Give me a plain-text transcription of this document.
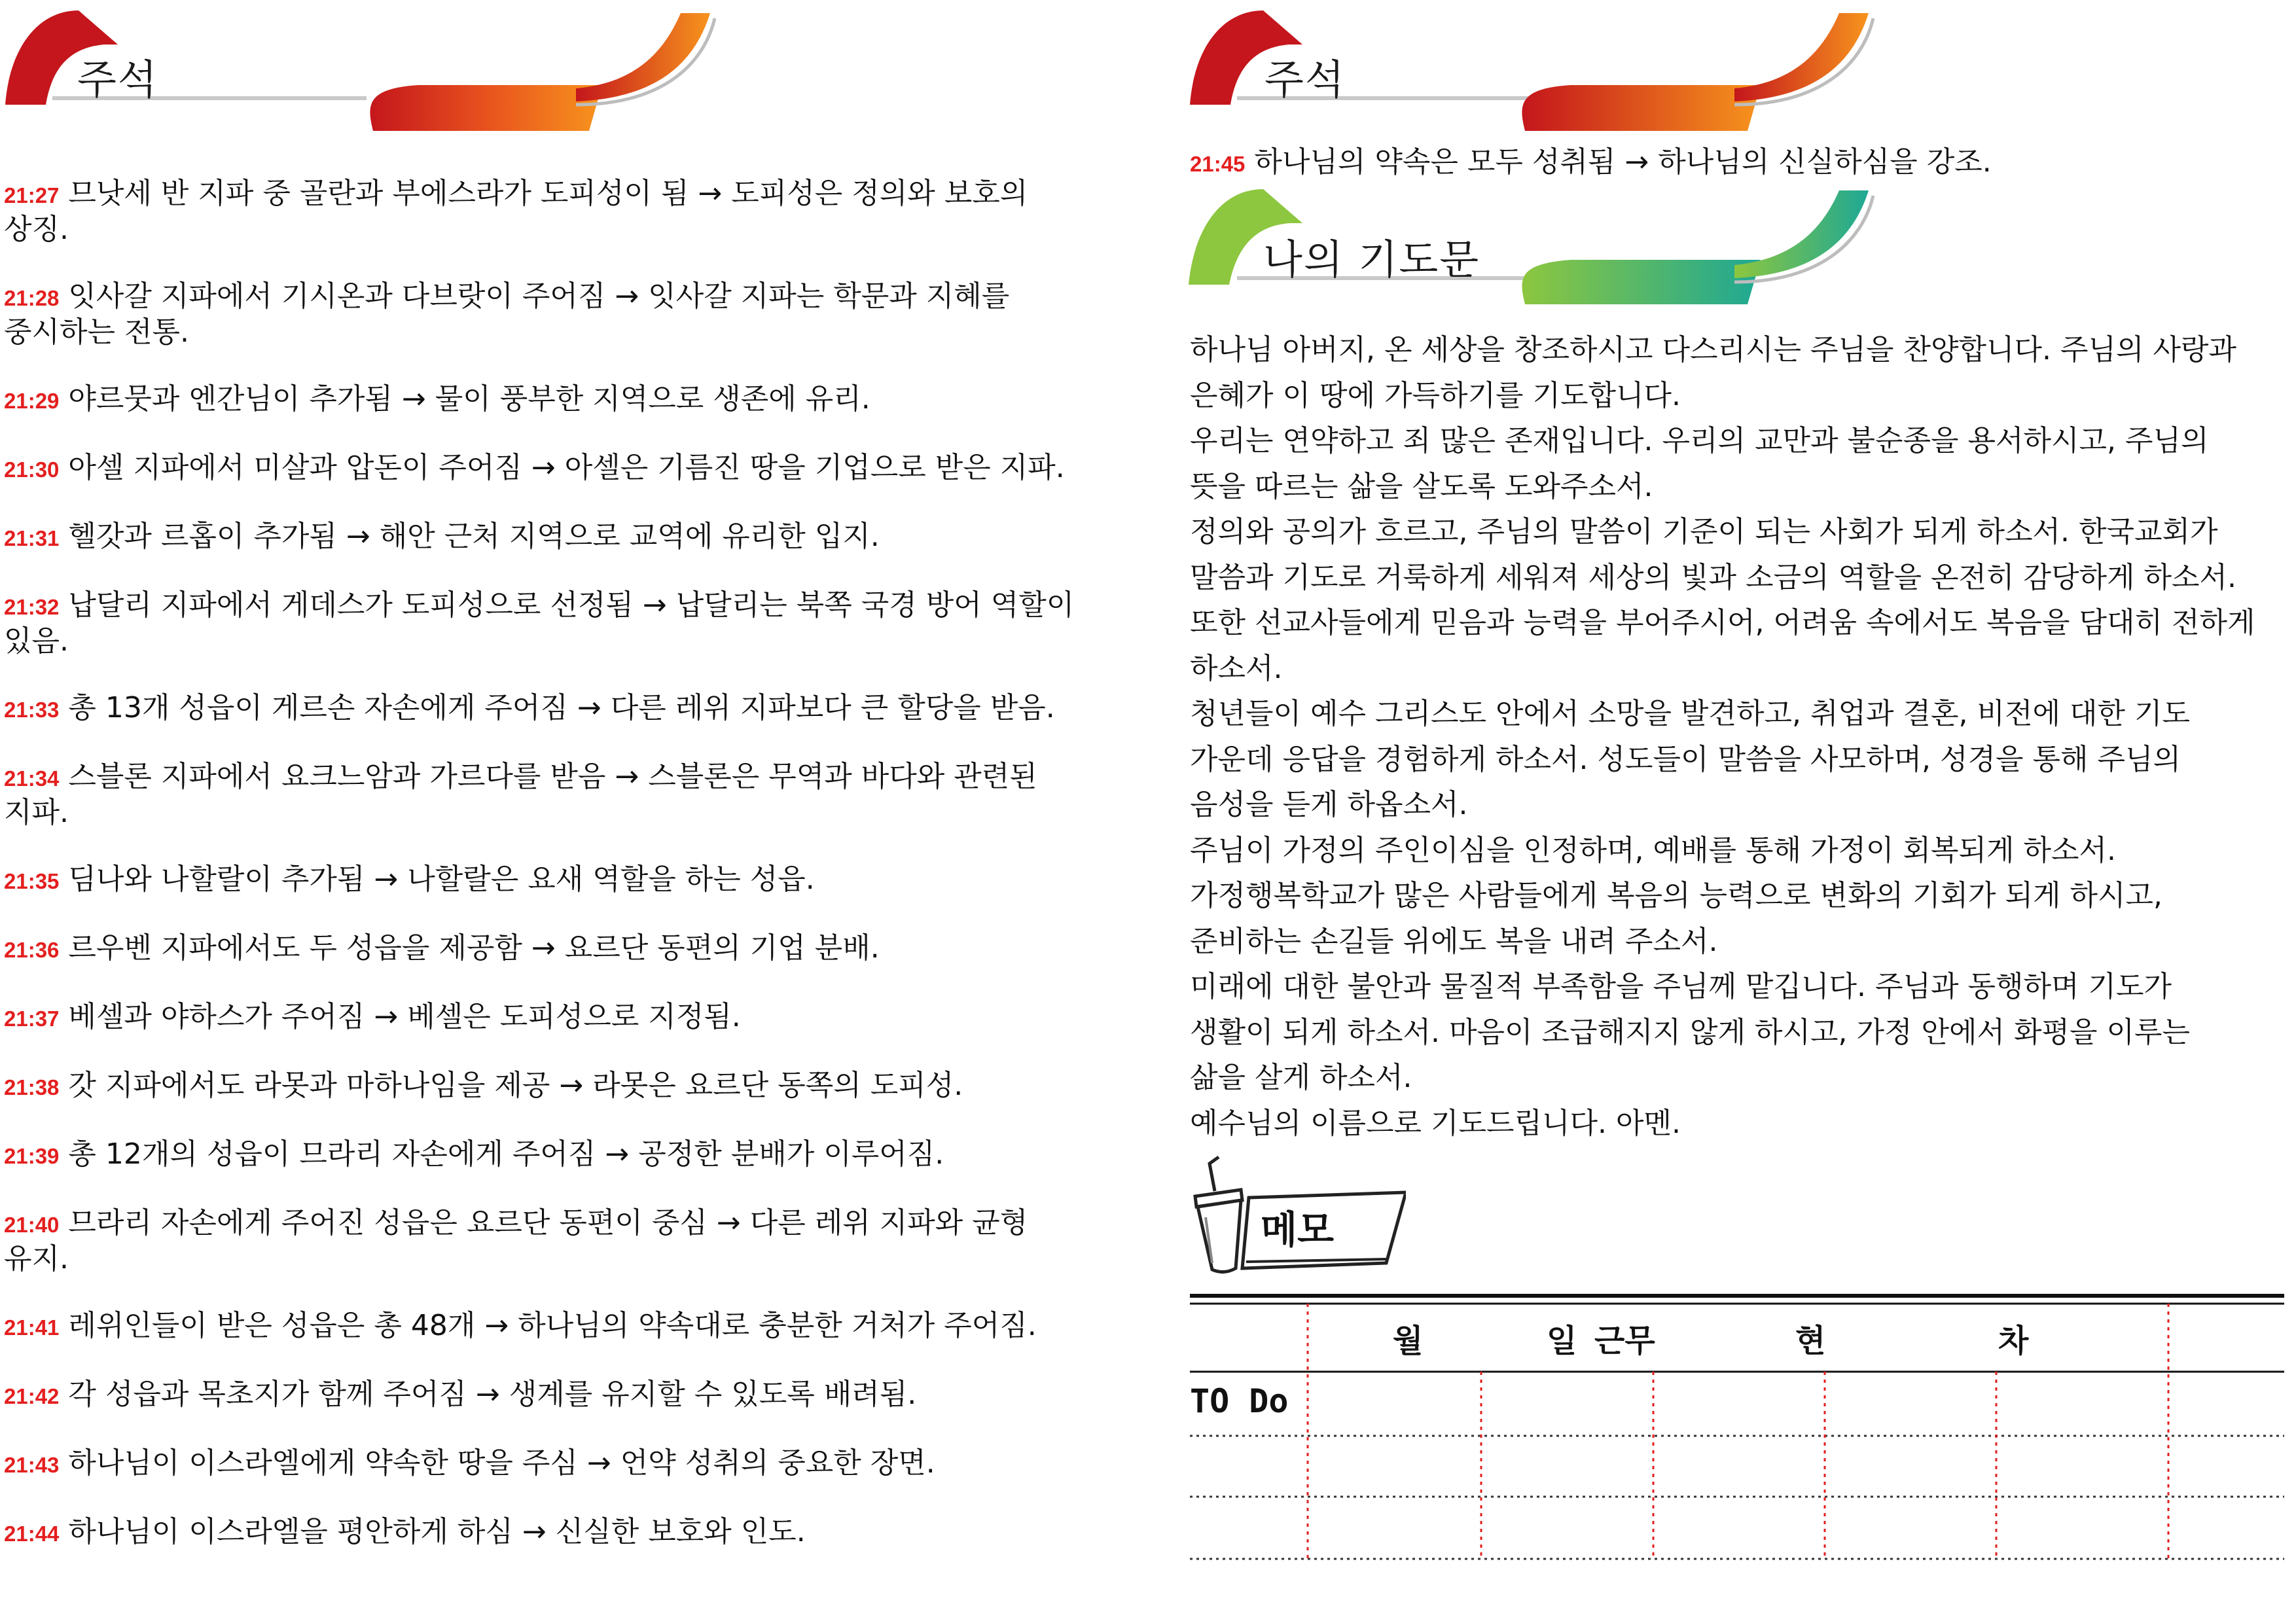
주석

21:27 므낫세 반 지파 중 골란과 부에스라가 도피성이 됨 → 도피성은 정의와 보호의 상징.

21:28 잇사갈 지파에서 기시온과 다브랏이 주어짐 → 잇사갈 지파는 학문과 지혜를 중시하는 전통.

21:29 야르뭇과 엔간님이 추가됨 → 물이 풍부한 지역으로 생존에 유리.

21:30 아셀 지파에서 미살과 압돈이 주어짐 → 아셀은 기름진 땅을 기업으로 받은 지파.

21:31 헬갓과 르홉이 추가됨 → 해안 근처 지역으로 교역에 유리한 입지.

21:32 납달리 지파에서 게데스가 도피성으로 선정됨 → 납달리는 북쪽 국경 방어 역할이 있음.

21:33 총 13개 성읍이 게르손 자손에게 주어짐 → 다른 레위 지파보다 큰 할당을 받음.

21:34 스블론 지파에서 요크느암과 가르다를 받음 → 스블론은 무역과 바다와 관련된 지파.

21:35 딤나와 나할랄이 추가됨 → 나할랄은 요새 역할을 하는 성읍.

21:36 르우벤 지파에서도 두 성읍을 제공함 → 요르단 동편의 기업 분배.

21:37 베셀과 야하스가 주어짐 → 베셀은 도피성으로 지정됨.

21:38 갓 지파에서도 라못과 마하나임을 제공 → 라못은 요르단 동쪽의 도피성.

21:39 총 12개의 성읍이 므라리 자손에게 주어짐 → 공정한 분배가 이루어짐.

21:40 므라리 자손에게 주어진 성읍은 요르단 동편이 중심 → 다른 레위 지파와 균형 유지.

21:41 레위인들이 받은 성읍은 총 48개 → 하나님의 약속대로 충분한 거처가 주어짐.

21:42 각 성읍과 목초지가 함께 주어짐 → 생계를 유지할 수 있도록 배려됨.

21:43 하나님이 이스라엘에게 약속한 땅을 주심 → 언약 성취의 중요한 장면.

21:44 하나님이 이스라엘을 평안하게 하심 → 신실한 보호와 인도.

주석

21:45 하나님의 약속은 모두 성취됨 → 하나님의 신실하심을 강조.

나의 기도문

하나님 아버지, 온 세상을 창조하시고 다스리시는 주님을 찬양합니다. 주님의 사랑과

은혜가 이 땅에 가득하기를 기도합니다.

우리는 연약하고 죄 많은 존재입니다. 우리의 교만과 불순종을 용서하시고, 주님의

뜻을 따르는 삶을 살도록 도와주소서.

정의와 공의가 흐르고, 주님의 말씀이 기준이 되는 사회가 되게 하소서. 한국교회가

말씀과 기도로 거룩하게 세워져 세상의 빛과 소금의 역할을 온전히 감당하게 하소서.

또한 선교사들에게 믿음과 능력을 부어주시어, 어려움 속에서도 복음을 담대히 전하게

하소서.

청년들이 예수 그리스도 안에서 소망을 발견하고, 취업과 결혼, 비전에 대한 기도

가운데 응답을 경험하게 하소서. 성도들이 말씀을 사모하며, 성경을 통해 주님의

음성을 듣게 하옵소서.

주님이 가정의 주인이심을 인정하며, 예배를 통해 가정이 회복되게 하소서.

가정행복학교가 많은 사람들에게 복음의 능력으로 변화의 기회가 되게 하시고,

준비하는 손길들 위에도 복을 내려 주소서.

미래에 대한 불안과 물질적 부족함을 주님께 맡깁니다. 주님과 동행하며 기도가

생활이 되게 하소서. 마음이 조급해지지 않게 하시고, 가정 안에서 화평을 이루는

삶을 살게 하소서.

예수님의 이름으로 기도드립니다. 아멘.

메모
월	일 근무	현	차
TO Do
